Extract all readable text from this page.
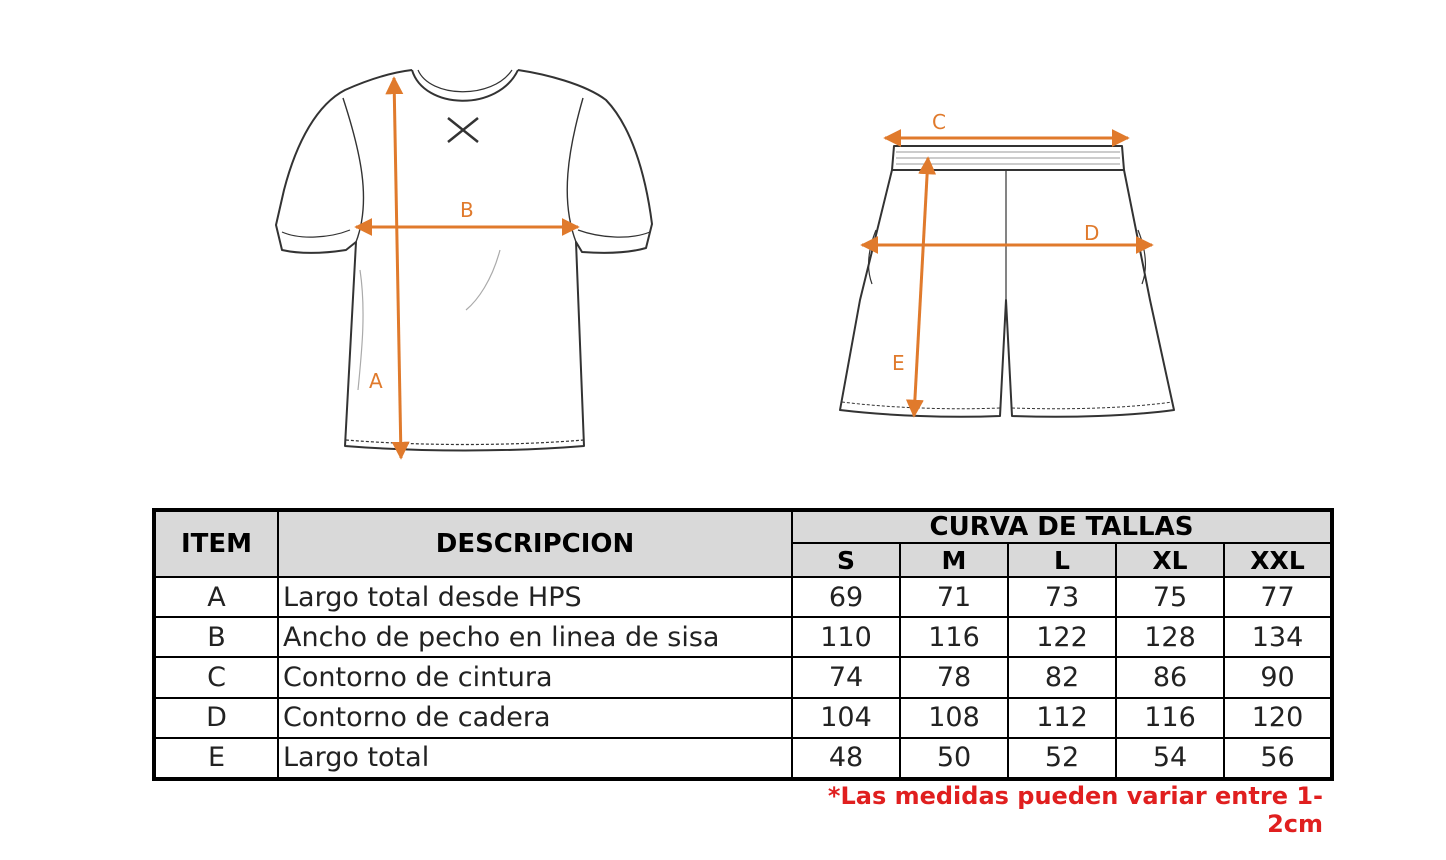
A
B
C
D
E
ITEM	DESCRIPCION	CURVA DE TALLAS				
		S	M	L	XL	XXL
A	Largo total desde HPS	69	71	73	75	77
B	Ancho de pecho en linea de sisa	110	116	122	128	134
C	Contorno de cintura	74	78	82	86	90
D	Contorno de cadera	104	108	112	116	120
E	Largo total	48	50	52	54	56
*Las medidas pueden variar entre 1-2cm
